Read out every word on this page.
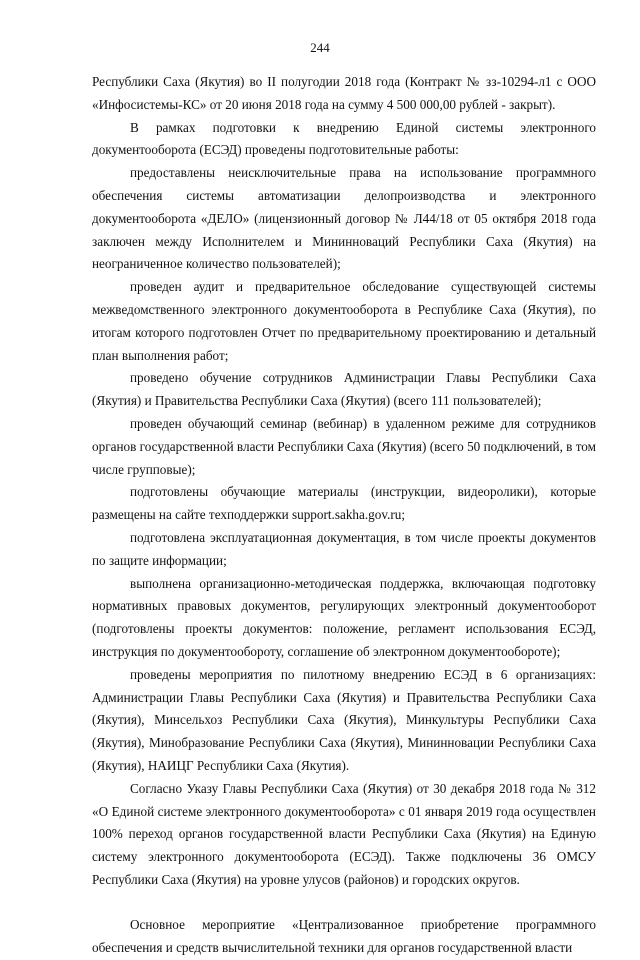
244

Республики Саха (Якутия) во II полугодии 2018 года (Контракт № зз-10294-л1 с ООО «Инфосистемы-КС» от 20 июня 2018 года на сумму 4 500 000,00 рублей - закрыт).

В рамках подготовки к внедрению Единой системы электронного документооборота (ЕСЭД) проведены подготовительные работы:

предоставлены неисключительные права на использование программного обеспечения системы автоматизации делопроизводства и электронного документооборота «ДЕЛО» (лицензионный договор № Л44/18 от 05 октября 2018 года заключен между Исполнителем и Мининноваций Республики Саха (Якутия) на неограниченное количество пользователей);

проведен аудит и предварительное обследование существующей системы межведомственного электронного документооборота в Республике Саха (Якутия), по итогам которого подготовлен Отчет по предварительному проектированию и детальный план выполнения работ;

проведено обучение сотрудников Администрации Главы Республики Саха (Якутия) и Правительства Республики Саха (Якутия) (всего 111 пользователей);

проведен обучающий семинар (вебинар) в удаленном режиме для сотрудников органов государственной власти Республики Саха (Якутия) (всего 50 подключений, в том числе групповые);

подготовлены обучающие материалы (инструкции, видеоролики), которые размещены на сайте техподдержки support.sakha.gov.ru;

подготовлена эксплуатационная документация, в том числе проекты документов по защите информации;

выполнена организационно-методическая поддержка, включающая подготовку нормативных правовых документов, регулирующих электронный документооборот (подготовлены проекты документов: положение, регламент использования ЕСЭД, инструкция по документообороту, соглашение об электронном документообороте);

проведены мероприятия по пилотному внедрению ЕСЭД в 6 организациях: Администрации Главы Республики Саха (Якутия) и Правительства Республики Саха (Якутия), Минсельхоз Республики Саха (Якутия), Минкультуры Республики Саха (Якутия), Минобразование Республики Саха (Якутия), Мининновации Республики Саха (Якутия), НАИЦГ Республики Саха (Якутия).

Согласно Указу Главы Республики Саха (Якутия) от 30 декабря 2018 года № 312 «О Единой системе электронного документооборота» с 01 января 2019 года осуществлен 100% переход органов государственной власти Республики Саха (Якутия) на Единую систему электронного документооборота (ЕСЭД). Также подключены 36 ОМСУ Республики Саха (Якутия) на уровне улусов (районов) и городских округов.

Основное мероприятие «Централизованное приобретение программного обеспечения и средств вычислительной техники для органов государственной власти
